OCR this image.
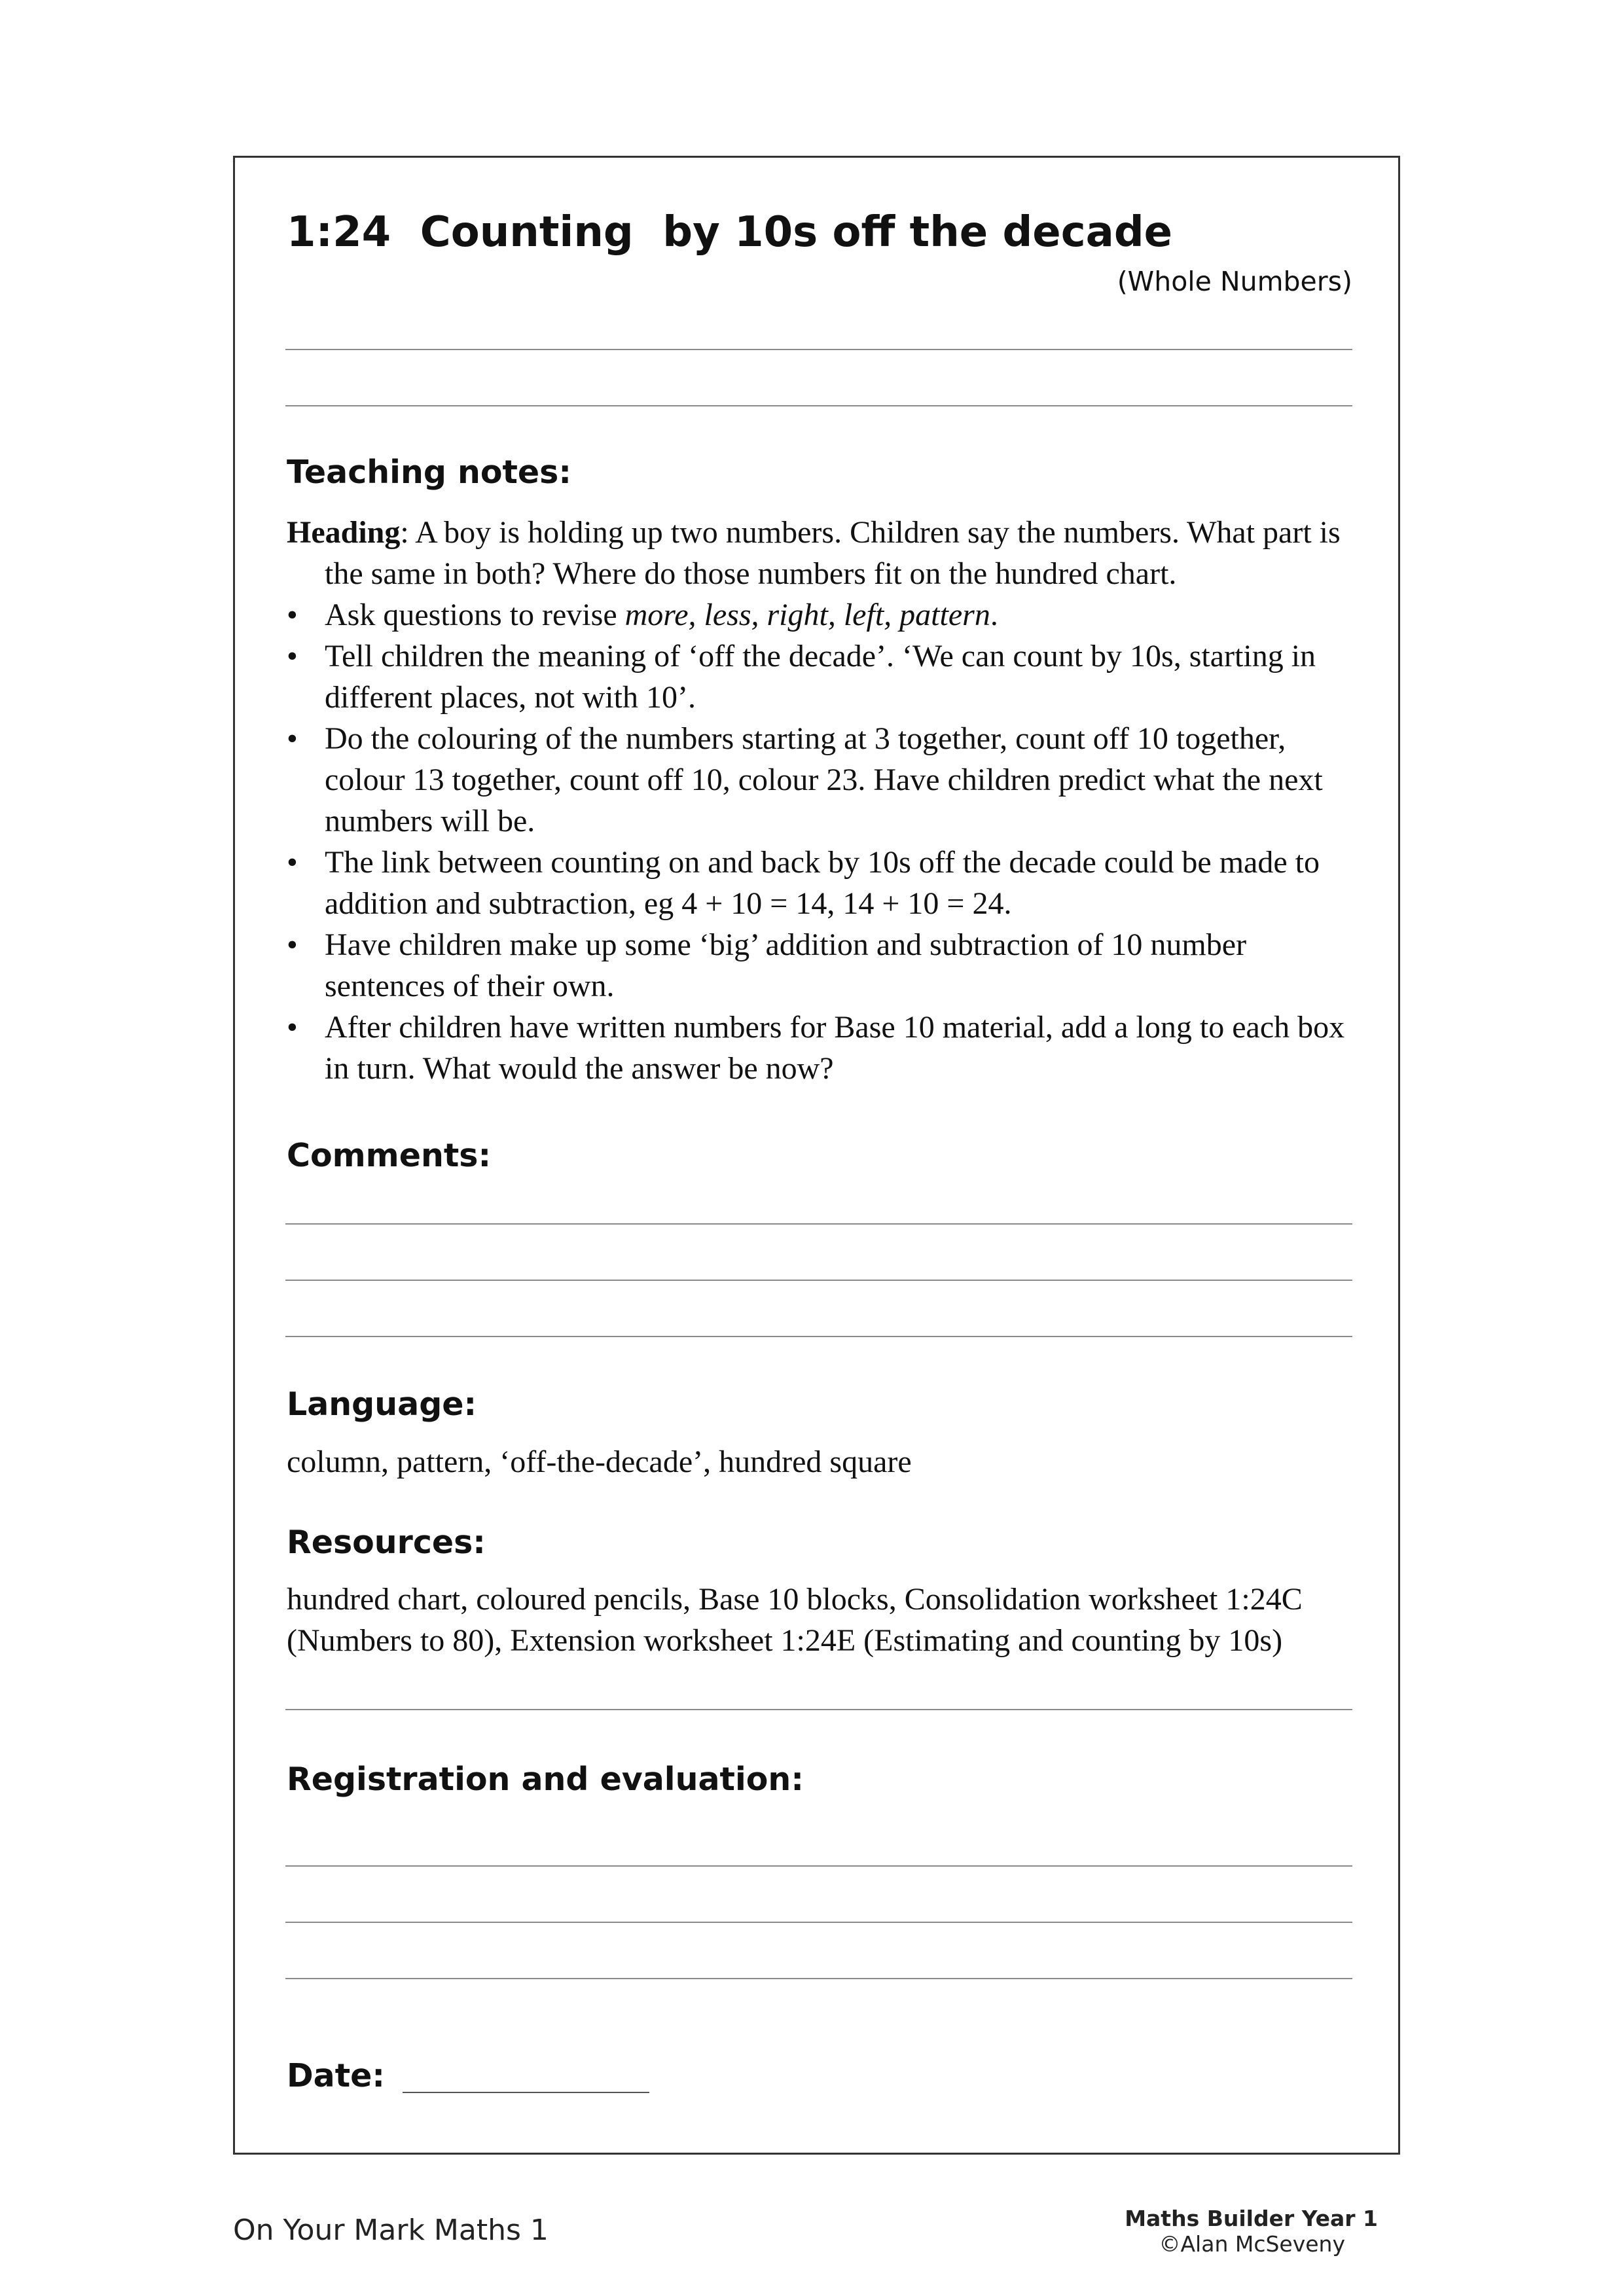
1:24  Counting  by 10s off the decade
(Whole Numbers)
Teaching notes:
Heading: A boy is holding up two numbers. Children say the numbers. What part is the same in both? Where do those numbers fit on the hundred chart.
• Ask questions to revise more, less, right, left, pattern.
• Tell children the meaning of ‘off the decade’. ‘We can count by 10s, starting in different places, not with 10’.
• Do the colouring of the numbers starting at 3 together, count off 10 together, colour 13 together, count off 10, colour 23. Have children predict what the next numbers will be.
• The link between counting on and back by 10s off the decade could be made to addition and subtraction, eg 4 + 10 = 14, 14 + 10 = 24.
• Have children make up some ‘big’ addition and subtraction of 10 number sentences of their own.
• After children have written numbers for Base 10 material, add a long to each box in turn. What would the answer be now?
Comments:
Language:
column, pattern, ‘off-the-decade’, hundred square
Resources:
hundred chart, coloured pencils, Base 10 blocks, Consolidation worksheet 1:24C (Numbers to 80), Extension worksheet 1:24E (Estimating and counting by 10s)
Registration and evaluation:
Date:
On Your Mark Maths 1	Maths Builder Year 1
©Alan McSeveny
